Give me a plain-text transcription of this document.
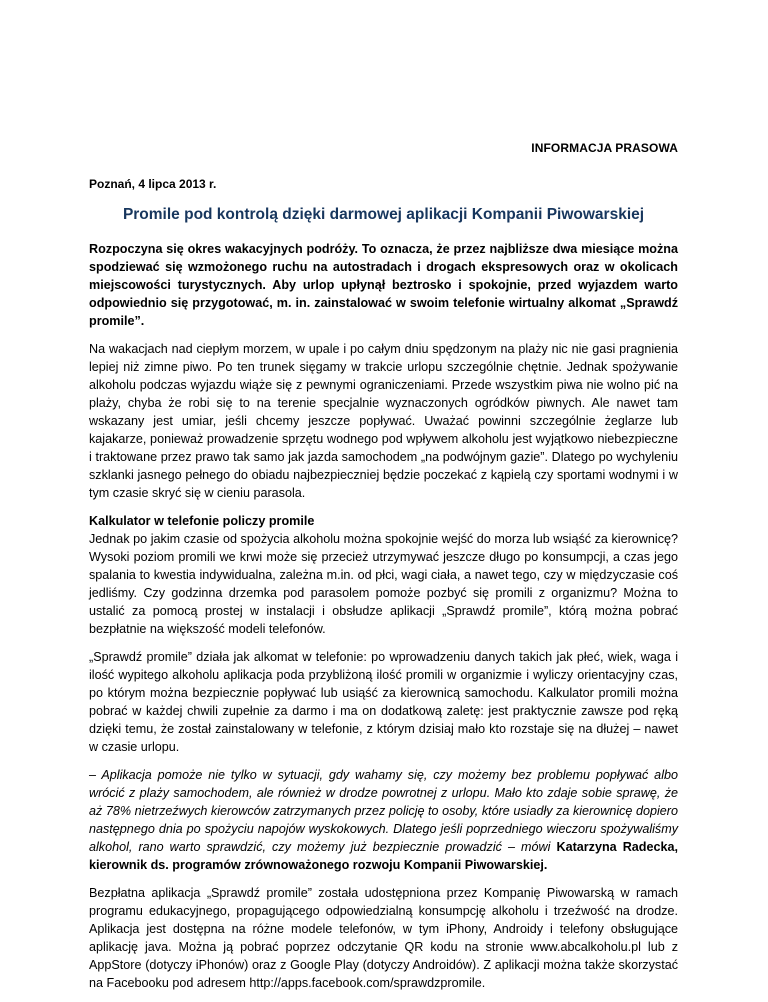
INFORMACJA PRASOWA
Poznań, 4 lipca 2013 r.
Promile pod kontrolą dzięki darmowej aplikacji Kompanii Piwowarskiej

Rozpoczyna się okres wakacyjnych podróży. To oznacza, że przez najbliższe dwa miesiące można spodziewać się wzmożonego ruchu na autostradach i drogach ekspresowych oraz w okolicach miejscowości turystycznych. Aby urlop upłynął beztrosko i spokojnie, przed wyjazdem warto odpowiednio się przygotować, m. in. zainstalować w swoim telefonie wirtualny alkomat „Sprawdź promile”.

Na wakacjach nad ciepłym morzem, w upale i po całym dniu spędzonym na plaży nic nie gasi pragnienia lepiej niż zimne piwo. Po ten trunek sięgamy w trakcie urlopu szczególnie chętnie. Jednak spożywanie alkoholu podczas wyjazdu wiąże się z pewnymi ograniczeniami. Przede wszystkim piwa nie wolno pić na plaży, chyba że robi się to na terenie specjalnie wyznaczonych ogródków piwnych. Ale nawet tam wskazany jest umiar, jeśli chcemy jeszcze popływać. Uważać powinni szczególnie żeglarze lub kajakarze, ponieważ prowadzenie sprzętu wodnego pod wpływem alkoholu jest wyjątkowo niebezpieczne i traktowane przez prawo tak samo jak jazda samochodem „na podwójnym gazie”. Dlatego po wychyleniu szklanki jasnego pełnego do obiadu najbezpieczniej będzie poczekać z kąpielą czy sportami wodnymi i w tym czasie skryć się w cieniu parasola.

Kalkulator w telefonie policzy promile
Jednak po jakim czasie od spożycia alkoholu można spokojnie wejść do morza lub wsiąść za kierownicę? Wysoki poziom promili we krwi może się przecież utrzymywać jeszcze długo po konsumpcji, a czas jego spalania to kwestia indywidualna, zależna m.in. od płci, wagi ciała, a nawet tego, czy w międzyczasie coś jedliśmy. Czy godzinna drzemka pod parasolem pomoże pozbyć się promili z organizmu? Można to ustalić za pomocą prostej w instalacji i obsłudze aplikacji „Sprawdź promile”, którą można pobrać bezpłatnie na większość modeli telefonów.

„Sprawdź promile” działa jak alkomat w telefonie: po wprowadzeniu danych takich jak płeć, wiek, waga i ilość wypitego alkoholu aplikacja poda przybliżoną ilość promili w organizmie i wyliczy orientacyjny czas, po którym można bezpiecznie popływać lub usiąść za kierownicą samochodu. Kalkulator promili można pobrać w każdej chwili zupełnie za darmo i ma on dodatkową zaletę: jest praktycznie zawsze pod ręką dzięki temu, że został zainstalowany w telefonie, z którym dzisiaj mało kto rozstaje się na dłużej – nawet w czasie urlopu.

– Aplikacja pomoże nie tylko w sytuacji, gdy wahamy się, czy możemy bez problemu popływać albo wrócić z plaży samochodem, ale również w drodze powrotnej z urlopu. Mało kto zdaje sobie sprawę, że aż 78% nietrzeźwych kierowców zatrzymanych przez policję to osoby, które usiadły za kierownicę dopiero następnego dnia po spożyciu napojów wyskokowych. Dlatego jeśli poprzedniego wieczoru spożywaliśmy alkohol, rano warto sprawdzić, czy możemy już bezpiecznie prowadzić – mówi Katarzyna Radecka, kierownik ds. programów zrównoważonego rozwoju Kompanii Piwowarskiej.

Bezpłatna aplikacja „Sprawdź promile” została udostępniona przez Kompanię Piwowarską w ramach programu edukacyjnego, propagującego odpowiedzialną konsumpcję alkoholu i trzeźwość na drodze. Aplikacja jest dostępna na różne modele telefonów, w tym iPhony, Androidy i telefony obsługujące aplikację java. Można ją pobrać poprzez odczytanie QR kodu na stronie www.abcalkoholu.pl lub z AppStore (dotyczy iPhonów) oraz z Google Play (dotyczy Androidów). Z aplikacji można także skorzystać na Facebooku pod adresem http://apps.facebook.com/sprawdzpromile.
